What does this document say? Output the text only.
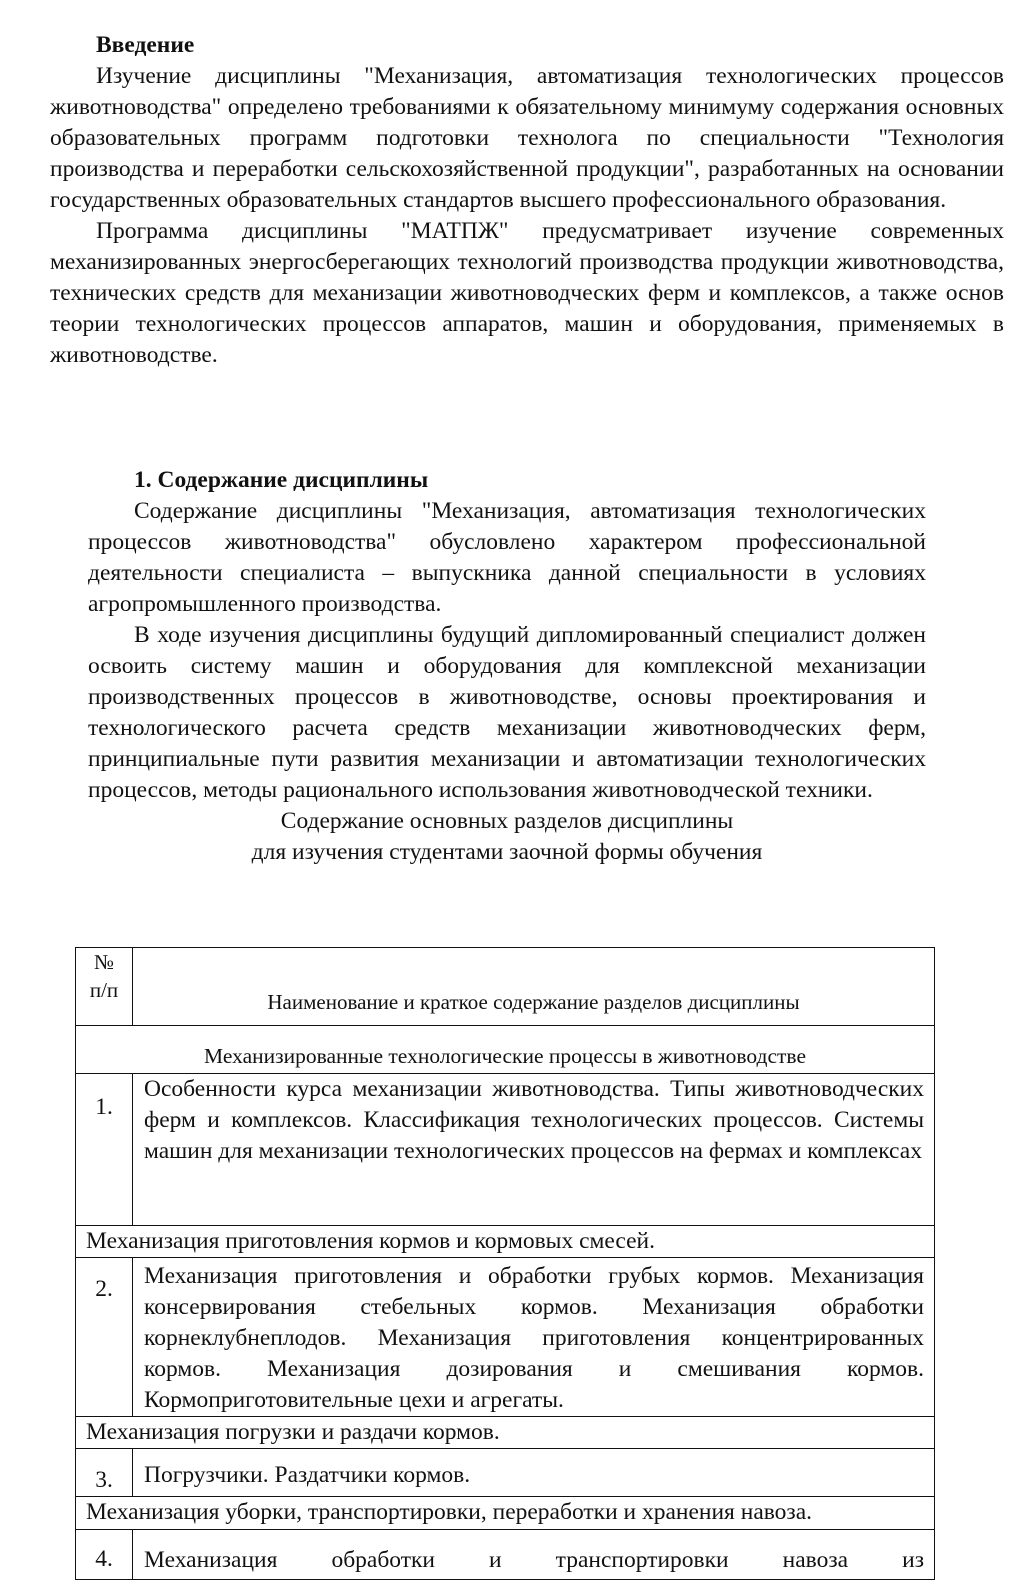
Введение

Изучение дисциплины "Механизация, автоматизация технологических процессов животноводства" определено требованиями к обязательному минимуму содержания основных образовательных программ подготовки технолога по специальности "Технология производства и переработки сельскохозяйственной продукции", разработанных на основании государственных образовательных стандартов высшего профессионального образования.

Программа дисциплины "МАТПЖ" предусматривает изучение современных механизированных энергосберегающих технологий производства продукции животноводства, технических средств для механизации животноводческих ферм и комплексов, а также основ теории технологических процессов аппаратов, машин и оборудования, применяемых в животноводстве.

1. Содержание дисциплины

Содержание дисциплины "Механизация, автоматизация технологических процессов животноводства" обусловлено характером профессиональной деятельности специалиста – выпускника данной специальности в условиях агропромышленного производства.

В ходе изучения дисциплины будущий дипломированный специалист должен освоить систему машин и оборудования для комплексной механизации производственных процессов в животноводстве, основы проектирования и технологического расчета средств механизации животноводческих ферм, принципиальные пути развития механизации и автоматизации технологических процессов, методы рационального использования животноводческой техники.

Содержание основных разделов дисциплины

для изучения студентами заочной формы обучения

№
п/п	Наименование и краткое содержание разделов дисциплины
Механизированные технологические процессы в животноводстве	
1.	Особенности курса механизации животноводства. Типы животноводческих ферм и комплексов. Классификация технологических процессов. Системы машин для механизации технологических процессов на фермах и комплексах

Механизация приготовления кормов и кормовых смесей.	
2.	Механизация приготовления и обработки грубых кормов. Механизация консервирования стебельных кормов. Механизация обработки корнеклубнеплодов. Механизация приготовления концентрированных кормов. Механизация дозирования и смешивания кормов. Кормоприготовительные цехи и агрегаты.

Механизация погрузки и раздачи кормов.	
3.	Погрузчики. Раздатчики кормов.
Механизация уборки, транспортировки, переработки и хранения навоза.	
4.	Механизация обработки и транспортировки навоза из
